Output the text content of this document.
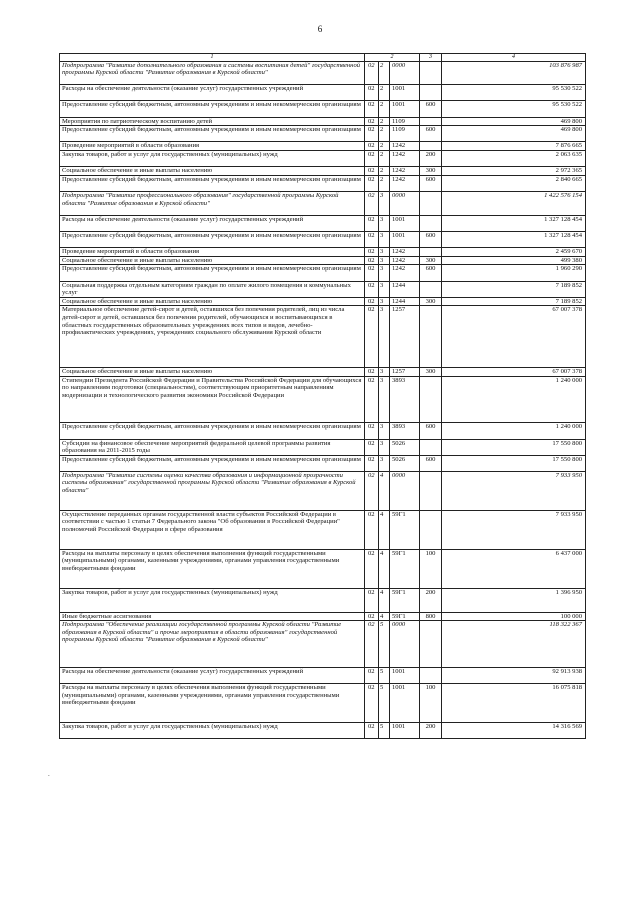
6
1	2			3	4
Подпрограмма "Развитие дополнительного образования и системы воспитания детей" государственной программы Курской области "Развитие образования в Курской области"	02	2	0000		103 876 987
Расходы на обеспечение деятельности (оказание услуг) государственных учреждений	02	2	1001		95 530 522
Предоставление субсидий бюджетным, автономным учреждениям и иным некоммерческим организациям	02	2	1001	600	95 530 522
Мероприятия по патриотическому воспитанию детей	02	2	1109		469 800
Предоставление субсидий бюджетным, автономным учреждениям и иным некоммерческим организациям	02	2	1109	600	469 800
Проведение мероприятий в области образования	02	2	1242		7 876 665
Закупка товаров, работ и услуг для государственных (муниципальных) нужд	02	2	1242	200	2 063 635
Социальное обеспечение и иные выплаты населению	02	2	1242	300	2 972 365
Предоставление субсидий бюджетным, автономным учреждениям и иным некоммерческим организациям	02	2	1242	600	2 840 665
Подпрограмма "Развитие профессионального образования" государственной программы Курской области "Развитие образования в Курской области"	02	3	0000		1 422 576 154
Расходы на обеспечение деятельности (оказание услуг) государственных учреждений	02	3	1001		1 327 128 454
Предоставление субсидий бюджетным, автономным учреждениям и иным некоммерческим организациям	02	3	1001	600	1 327 128 454
Проведение мероприятий в области образования	02	3	1242		2 459 670
Социальное обеспечение и иные выплаты населению	02	3	1242	300	499 380
Предоставление субсидий бюджетным, автономным учреждениям и иным некоммерческим организациям	02	3	1242	600	1 960 290
Социальная поддержка отдельным категориям граждан по оплате жилого помещения и коммунальных услуг	02	3	1244		7 189 852
Социальное обеспечение и иные выплаты населению	02	3	1244	300	7 189 852
Материальное обеспечение детей-сирот и детей, оставшихся без попечения родителей, лиц из числа детей-сирот и детей, оставшихся без попечения родителей, обучающихся и воспитывающихся в областных государственных образовательных учреждениях всех типов и видов, лечебно-профилактических учреждениях, учреждениях социального обслуживания Курской области	02	3	1257		67 007 378
Социальное обеспечение и иные выплаты населению	02	3	1257	300	67 007 378
Стипендии Президента Российской Федерации и Правительства Российской Федерации для обучающихся по направлениям подготовки (специальностям), соответствующим приоритетным направлениям модернизации и технологического развития экономики Российской Федерации	02	3	3893		1 240 000
Предоставление субсидий бюджетным, автономным учреждениям и иным некоммерческим организациям	02	3	3893	600	1 240 000
Субсидии на финансовое обеспечение мероприятий федеральной целевой программы развития образования на 2011-2015 годы	02	3	5026		17 550 800
Предоставление субсидий бюджетным, автономным учреждениям и иным некоммерческим организациям	02	3	5026	600	17 550 800
Подпрограмма "Развитие системы оценки качества образования и информационной прозрачности системы образования" государственной программы Курской области "Развитие образования в Курской области"	02	4	0000		7 933 950
Осуществление переданных органам государственной власти субъектов Российской Федерации в соответствии с частью 1 статьи 7 Федерального закона "Об образовании в Российской Федерации" полномочий Российской Федерации в сфере образования	02	4	59Г1		7 933 950
Расходы на выплаты персоналу в целях обеспечения выполнения функций государственными (муниципальными) органами, казенными учреждениями, органами управления государственными внебюджетными фондами	02	4	59Г1	100	6 437 000
Закупка товаров, работ и услуг для государственных (муниципальных) нужд	02	4	59Г1	200	1 396 950
Иные бюджетные ассигнования	02	4	59Г1	800	100 000
Подпрограмма "Обеспечение реализации государственной программы Курской области "Развитие образования в Курской области" и прочие мероприятия в области образования" государственной программы Курской области "Развитие образования в Курской области"	02	5	0000		118 322 367
Расходы на обеспечение деятельности (оказание услуг) государственных учреждений	02	5	1001		92 913 938
Расходы на выплаты персоналу в целях обеспечения выполнения функций государственными (муниципальными) органами, казенными учреждениями, органами управления государственными внебюджетными фондами	02	5	1001	100	16 075 818
Закупка товаров, работ и услуг для государственных (муниципальных) нужд	02	5	1001	200	14 316 569
.
